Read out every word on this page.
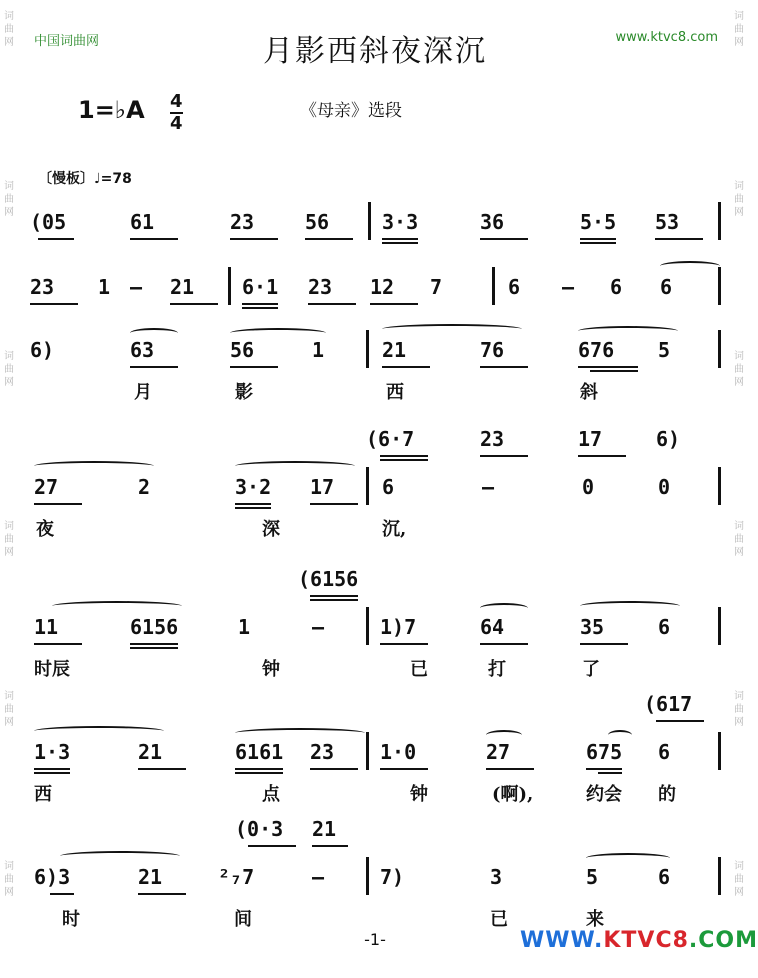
词
曲
网
词
曲
网
词
曲
网
词
曲
网
词
曲
网
词
曲
网
词
曲
网
词
曲
网
词
曲
网
词
曲
网
词
曲
网
词
曲
网
中国词曲网	www.ktvc8.com
月影西斜夜深沉
1=♭A 4
4
《母亲》选段
〔慢板〕♩=78
(05	61	23	56	3·3	36	5·5 53
23 1 — 21 6·1 23 12 7	6 — 6 6
6)	63	56	1	21	76	676 5
月	影	西	斜
(6·7	23	17	6)
27	2	3·2 17 6	—	0	0
夜	深	沉,
(6156
11	6156	1	—	1)7	64	35	6
时辰	钟	已	打	了
(617
1·3	21	6161 23 1·0	27	675 6
西	点	钟	(啊),	约会 的
(0·3 21
6)3	21	²₇7	—	7)	3	5	6
时	间	已	来
-1-	WWW.KTVC8.COM
